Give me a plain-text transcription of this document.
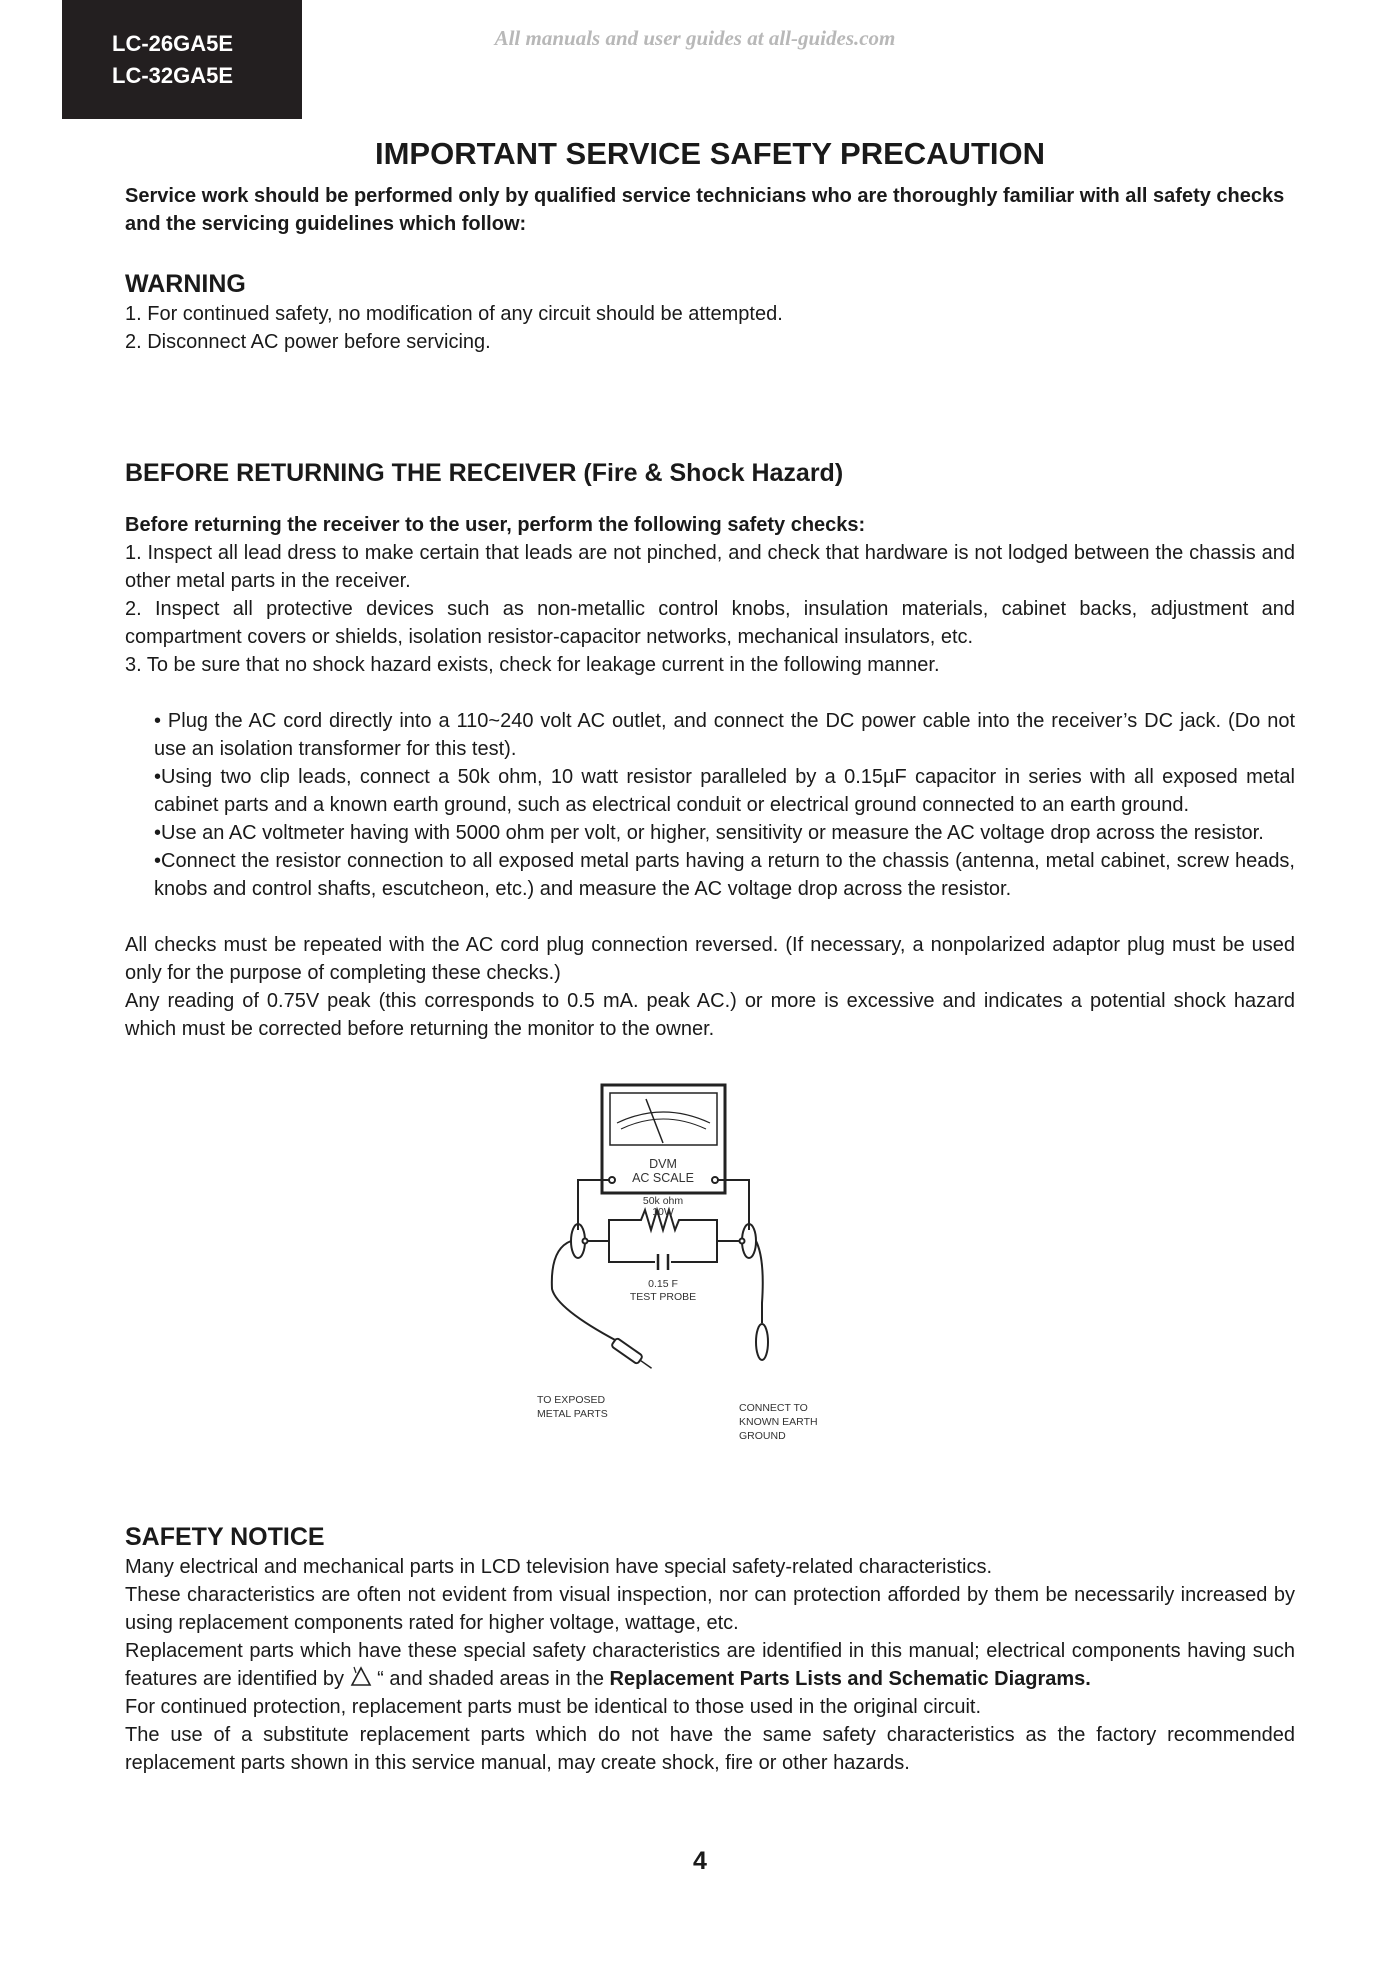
LC-26GA5E
LC-32GA5E
All manuals and user guides at all-guides.com
IMPORTANT SERVICE SAFETY PRECAUTION

Service work should be performed only by qualified service technicians who are thoroughly familiar with all safety checks and the servicing guidelines which follow:

WARNING

1. For continued safety, no modification of any circuit should be attempted.

2. Disconnect AC power before servicing.

BEFORE RETURNING THE RECEIVER (Fire & Shock Hazard)

Before returning the receiver to the user, perform the following safety checks:

1. Inspect all lead dress to make certain that leads are not pinched, and check that hardware is not lodged between the chassis and other metal parts in the receiver.

2. Inspect all protective devices such as non-metallic control knobs, insulation materials, cabinet backs, adjustment and compartment covers or shields, isolation resistor-capacitor networks, mechanical insulators, etc.

3. To be sure that no shock hazard exists, check for leakage current in the following manner.

• Plug the AC cord directly into a 110~240 volt AC outlet, and connect the DC power cable into the receiver’s DC jack. (Do not use an isolation transformer for this test).

•Using two clip leads, connect a 50k ohm, 10 watt resistor paralleled by a 0.15µF capacitor in series with all exposed metal cabinet parts and a known earth ground, such as electrical conduit or electrical ground connected to an earth ground.

•Use an AC voltmeter having with 5000 ohm per volt, or higher, sensitivity or measure the AC voltage drop across the resistor.

•Connect the resistor connection to all exposed metal parts having a return to the chassis (antenna, metal cabinet, screw heads, knobs and control shafts, escutcheon, etc.) and measure the AC voltage drop across the resistor.

All checks must be repeated with the AC cord plug connection reversed. (If necessary, a nonpolarized adaptor plug must be used only for the purpose of completing these checks.)

Any reading of 0.75V peak (this corresponds to 0.5 mA. peak AC.) or more is excessive and indicates a potential shock hazard which must be corrected before returning the monitor to the owner.

DVM
AC SCALE
50k ohm
10W
0.15 F
TEST PROBE
TO EXPOSED
METAL PARTS	CONNECT TO
KNOWN EARTH
GROUND
SAFETY NOTICE

Many electrical and mechanical parts in LCD television have special safety-related characteristics.

These characteristics are often not evident from visual inspection, nor can protection afforded by them be necessarily increased by using replacement components rated for higher voltage, wattage, etc.

Replacement parts which have these special safety characteristics are identified in this manual; electrical components having such features are identified by “ and shaded areas in the Replacement Parts Lists and Schematic Diagrams.

For continued protection, replacement parts must be identical to those used in the original circuit.

The use of a substitute replacement parts which do not have the same safety characteristics as the factory recommended replacement parts shown in this service manual, may create shock, fire or other hazards.

4
